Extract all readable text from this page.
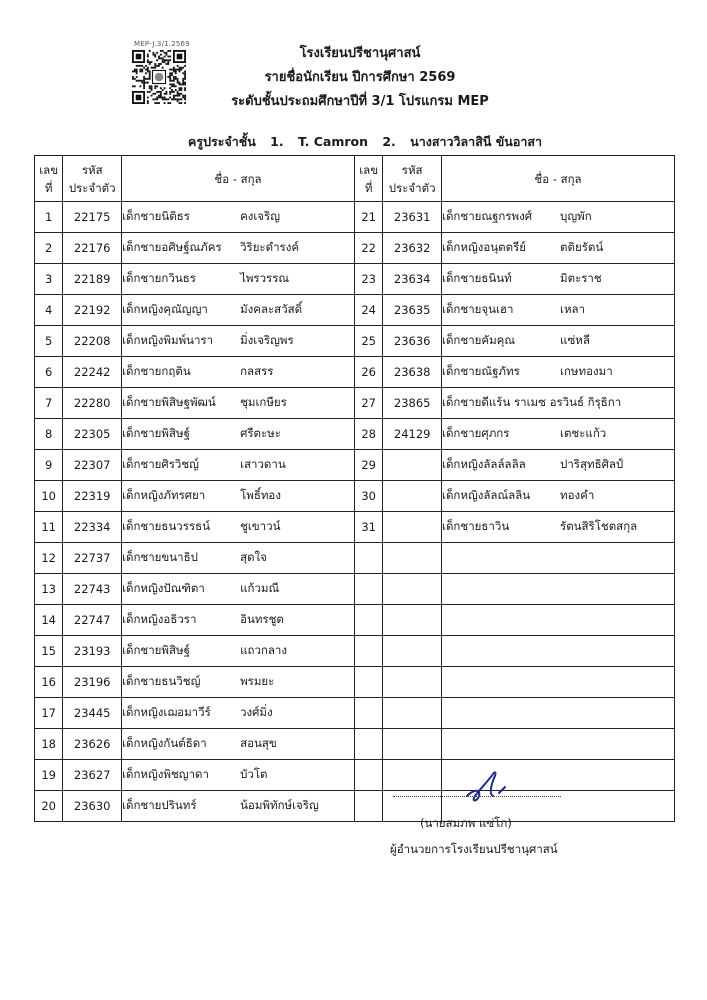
MEP-J.3/1.2569
โรงเรียนปรีชานุศาสน์
รายชื่อนักเรียน ปีการศึกษา 2569
ระดับชั้นประถมศึกษาปีที่ 3/1 โปรแกรม MEP
ครูประจำชั้น 1. T. Camron 2. นางสาววิลาสินี ขันอาสา
เลข
ที่	รหัส
ประจำตัว	ชื่อ - สกุล	เลข
ที่	รหัส
ประจำตัว	ชื่อ - สกุล
1	22175	เด็กชายนิติธร คงเจริญ	21	23631	เด็กชายณฐกรพงศ์ บุญพัก
2	22176	เด็กชายอศิษฐ์ณภัคร วิริยะดำรงค์	22	23632	เด็กหญิงอนุตตรีย์ ตติยรัตน์
3	22189	เด็กชายกวินธร ไพรวรรณ	23	23634	เด็กชายธนินท์ มิตะราช
4	22192	เด็กหญิงคุณัญญา มังคละสวัสดิ์	24	23635	เด็กชายจุนเฮา เหลา
5	22208	เด็กหญิงพิมพ์นารา มิ่งเจริญพร	25	23636	เด็กชายคัมคุณ แซ่หลี
6	22242	เด็กชายกฤติน กลสรร	26	23638	เด็กชายณัฐภัทร เกษทองมา
7	22280	เด็กชายพิสิษฐพัฒน์ ชุมเกษียร	27	23865	เด็กชายดีแร้น ราเมซ อรวินธ์ กิรุธิกา
8	22305	เด็กชายพิสิษฐ์ ศรีตะษะ	28	24129	เด็กชายศุภกร เตชะแก้ว
9	22307	เด็กชายศิรวิชญ์ เสาวดาน	29		เด็กหญิงลัลล์ลลิล ปาริสุทธิศิลป์
10	22319	เด็กหญิงภัทรศยา โพธิ์ทอง	30		เด็กหญิงลัลณ์ลลิน ทองคำ
11	22334	เด็กชายธนวรรธน์ ชูเขาวน์	31		เด็กชายธาวิน รัตนสิริโชตสกุล
12	22737	เด็กชายขนาธิป สุดใจ			
13	22743	เด็กหญิงปัณฑิตา แก้วมณี			
14	22747	เด็กหญิงอธิวรา อินทรชูต			
15	23193	เด็กชายพิสิษฐ์ แถวกลาง			
16	23196	เด็กชายธนวิชญ์ พรมยะ			
17	23445	เด็กหญิงเฌอมาวีร์ วงศ์มิ่ง			
18	23626	เด็กหญิงกันต์ธิดา สอนสุข			
19	23627	เด็กหญิงพิชญาดา บัวโต			
20	23630	เด็กชายปรินทร์ น้อมพิทักษ์เจริญ			
(นายสมภพ แซ่โก)
ผู้อำนวยการโรงเรียนปรีชานุศาสน์
